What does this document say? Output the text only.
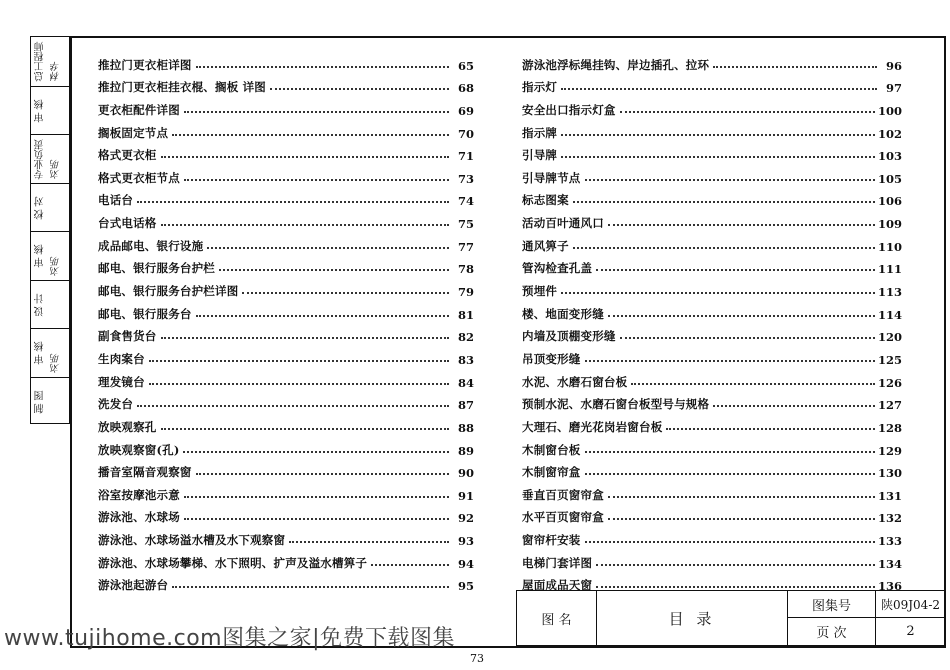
总工程师 林华
审 核
专业负责 刘明
校 对
审 核 刘明
设 计
审 核 刘明
制 图
推拉门更衣柜详图	65
推拉门更衣柜挂衣棍、搁板 详图	68
更衣柜配件详图	69
搁板固定节点	70
格式更衣柜	71
格式更衣柜节点	73
电话台	74
台式电话格	75
成品邮电、银行设施	77
邮电、银行服务台护栏	78
邮电、银行服务台护栏详图	79
邮电、银行服务台	81
副食售货台	82
生肉案台	83
理发镜台	84
洗发台	87
放映观察孔	88
放映观察窗(孔)	89
播音室隔音观察窗	90
浴室按摩池示意	91
游泳池、水球场	92
游泳池、水球场溢水槽及水下观察窗	93
游泳池、水球场攀梯、水下照明、扩声及溢水槽箅子	94
游泳池起游台	95
游泳池浮标绳挂钩、岸边插孔、拉环	96
指示灯	97
安全出口指示灯盒	100
指示牌	102
引导牌	103
引导牌节点	105
标志图案	106
活动百叶通风口	109
通风箅子	110
管沟检查孔盖	111
预埋件	113
楼、地面变形缝	114
内墙及顶棚变形缝	120
吊顶变形缝	125
水泥、水磨石窗台板	126
预制水泥、水磨石窗台板型号与规格	127
大理石、磨光花岗岩窗台板	128
木制窗台板	129
木制窗帘盒	130
垂直百页窗帘盒	131
水平百页窗帘盒	132
窗帘杆安装	133
电梯门套详图	134
屋面成品天窗	136
图 名	目 录
图集号	陕09J04-2
页 次	2
www.tujihome.com图集之家|免费下载图集
73
